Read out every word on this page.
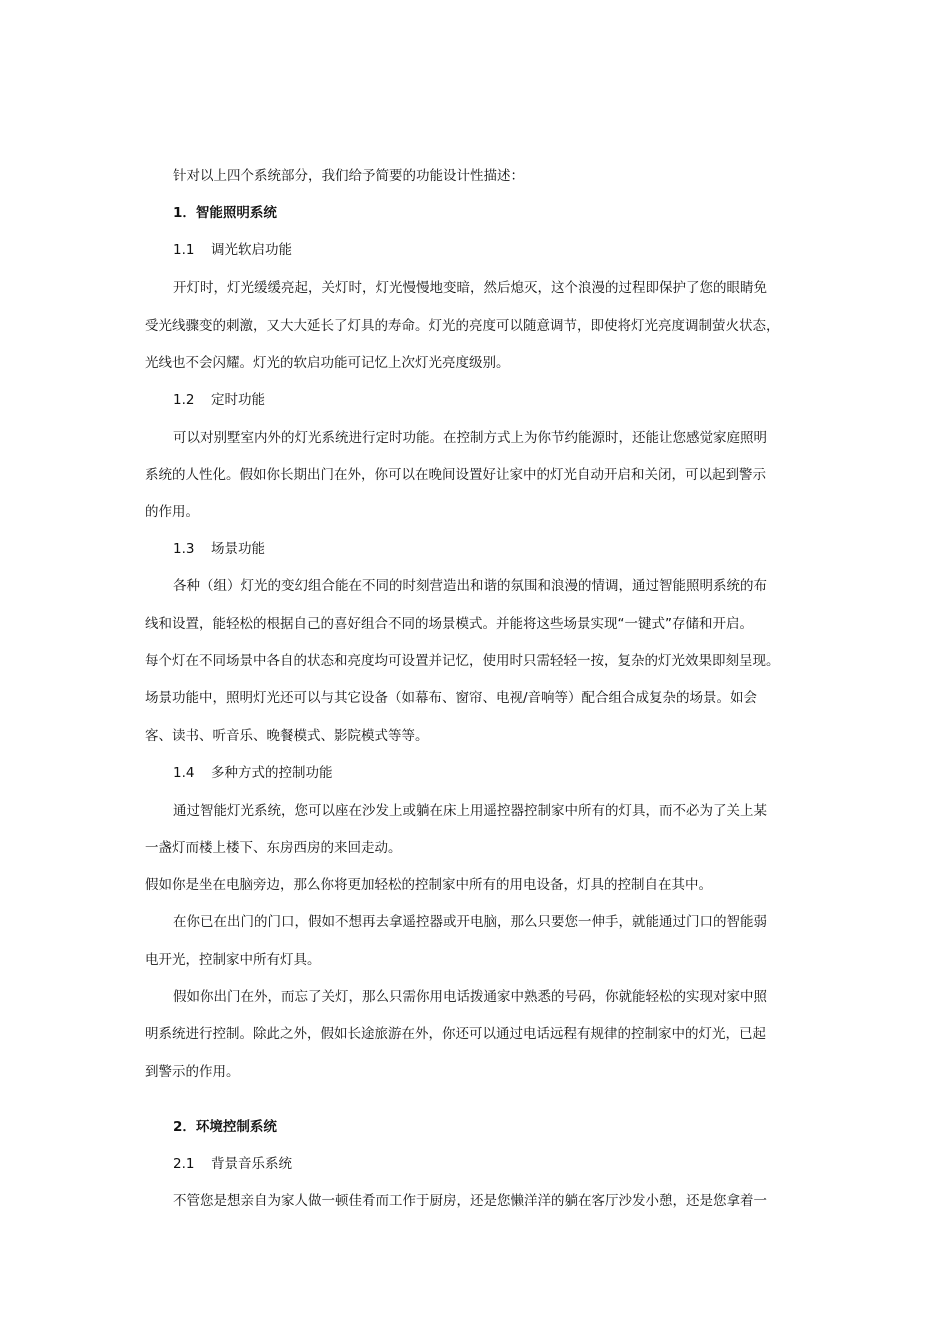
针对以上四个系统部分，我们给予简要的功能设计性描述：

1．智能照明系统

1.1 调光软启功能

开灯时，灯光缓缓亮起，关灯时，灯光慢慢地变暗，然后熄灭，这个浪漫的过程即保护了您的眼睛免

受光线骤变的刺激，又大大延长了灯具的寿命。灯光的亮度可以随意调节，即使将灯光亮度调制萤火状态，

光线也不会闪耀。灯光的软启功能可记忆上次灯光亮度级别。

1.2 定时功能

可以对别墅室内外的灯光系统进行定时功能。在控制方式上为你节约能源时，还能让您感觉家庭照明

系统的人性化。假如你长期出门在外，你可以在晚间设置好让家中的灯光自动开启和关闭，可以起到警示

的作用。

1.3 场景功能

各种（组）灯光的变幻组合能在不同的时刻营造出和谐的氛围和浪漫的情调，通过智能照明系统的布

线和设置，能轻松的根据自己的喜好组合不同的场景模式。并能将这些场景实现“一键式”存储和开启。

每个灯在不同场景中各自的状态和亮度均可设置并记忆，使用时只需轻轻一按，复杂的灯光效果即刻呈现。

场景功能中，照明灯光还可以与其它设备（如幕布、窗帘、电视/音响等）配合组合成复杂的场景。如会

客、读书、听音乐、晚餐模式、影院模式等等。

1.4 多种方式的控制功能

通过智能灯光系统，您可以座在沙发上或躺在床上用遥控器控制家中所有的灯具，而不必为了关上某

一盏灯而楼上楼下、东房西房的来回走动。

假如你是坐在电脑旁边，那么你将更加轻松的控制家中所有的用电设备，灯具的控制自在其中。

在你已在出门的门口，假如不想再去拿遥控器或开电脑，那么只要您一伸手，就能通过门口的智能弱

电开光，控制家中所有灯具。

假如你出门在外，而忘了关灯，那么只需你用电话拨通家中熟悉的号码，你就能轻松的实现对家中照

明系统进行控制。除此之外，假如长途旅游在外，你还可以通过电话远程有规律的控制家中的灯光，已起

到警示的作用。

2．环境控制系统

2.1 背景音乐系统

不管您是想亲自为家人做一顿佳肴而工作于厨房，还是您懒洋洋的躺在客厅沙发小憩，还是您拿着一
